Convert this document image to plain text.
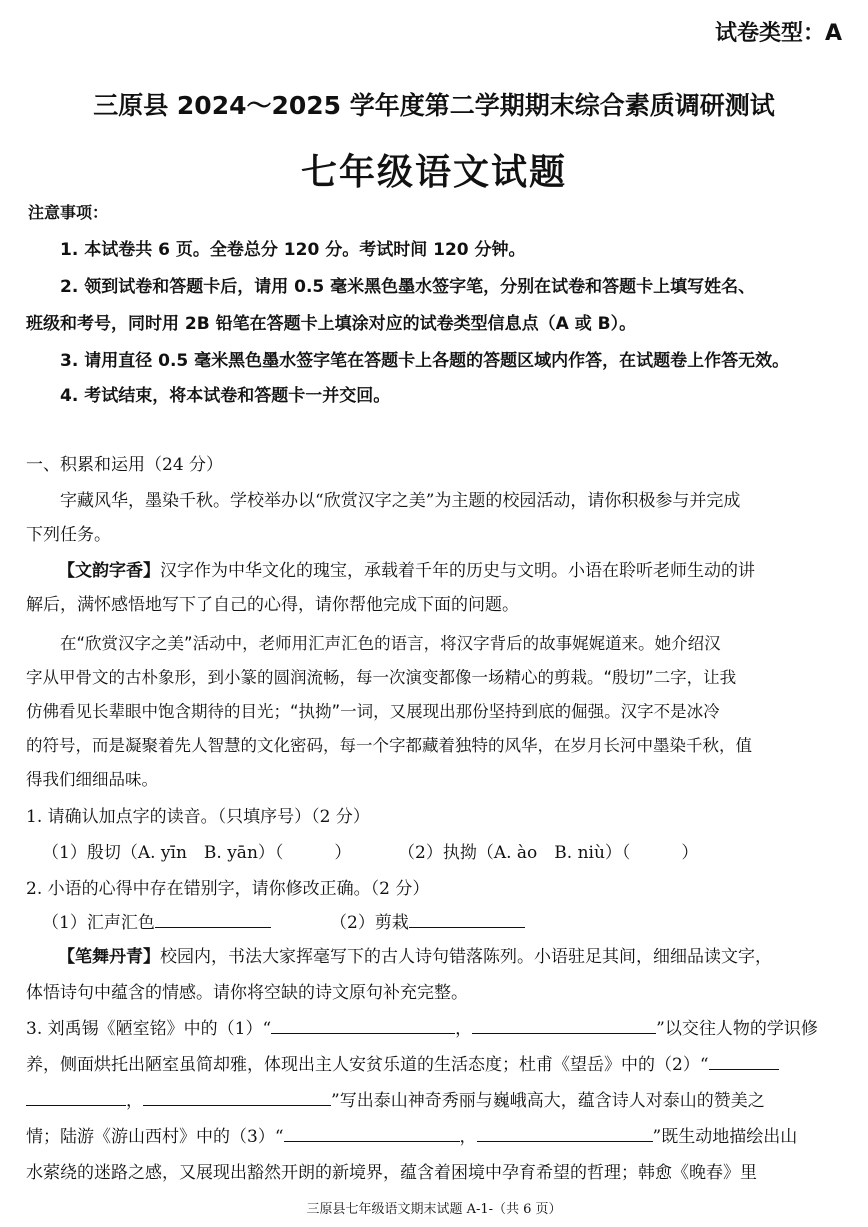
试卷类型：A
三原县 2024～2025 学年度第二学期期末综合素质调研测试
七年级语文试题
注意事项：
1. 本试卷共 6 页。全卷总分 120 分。考试时间 120 分钟。
2. 领到试卷和答题卡后，请用 0.5 毫米黑色墨水签字笔，分别在试卷和答题卡上填写姓名、
班级和考号，同时用 2B 铅笔在答题卡上填涂对应的试卷类型信息点（A 或 B）。
3. 请用直径 0.5 毫米黑色墨水签字笔在答题卡上各题的答题区域内作答，在试题卷上作答无效。
4. 考试结束，将本试卷和答题卡一并交回。
一、积累和运用（24 分）
字藏风华，墨染千秋。学校举办以“欣赏汉字之美”为主题的校园活动，请你积极参与并完成
下列任务。
【文韵字香】汉字作为中华文化的瑰宝，承载着千年的历史与文明。小语在聆听老师生动的讲
解后，满怀感悟地写下了自己的心得，请你帮他完成下面的问题。
在“欣赏汉字之美”活动中，老师用汇声汇色的语言，将汉字背后的故事娓娓道来。她介绍汉
字从甲骨文的古朴象形，到小篆的圆润流畅，每一次演变都像一场精心的剪栽。“殷切”二字，让我
仿佛看见长辈眼中饱含期待的目光；“执拗”一词，又展现出那份坚持到底的倔强。汉字不是冰冷
的符号，而是凝聚着先人智慧的文化密码，每一个字都藏着独特的风华，在岁月长河中墨染千秋，值
得我们细细品味。
1. 请确认加点字的读音。（只填序号）（2 分）
（1）殷切（A. yīn　B. yān）（　　　）	（2）执拗（A. ào　B. niù）（　　　）
2. 小语的心得中存在错别字，请你修改正确。（2 分）
（1）汇声汇色	（2）剪栽
【笔舞丹青】校园内，书法大家挥毫写下的古人诗句错落陈列。小语驻足其间，细细品读文字，
体悟诗句中蕴含的情感。请你将空缺的诗文原句补充完整。
3. 刘禹锡《陋室铭》中的（1）“	，	”以交往人物的学识修
养，侧面烘托出陋室虽简却雅，体现出主人安贫乐道的生活态度；杜甫《望岳》中的（2）“
，	”写出泰山神奇秀丽与巍峨高大，蕴含诗人对泰山的赞美之
情；陆游《游山西村》中的（3）“	，	”既生动地描绘出山
水萦绕的迷路之感，又展现出豁然开朗的新境界，蕴含着困境中孕育希望的哲理；韩愈《晚春》里
三原县七年级语文期末试题 A-1-（共 6 页）
